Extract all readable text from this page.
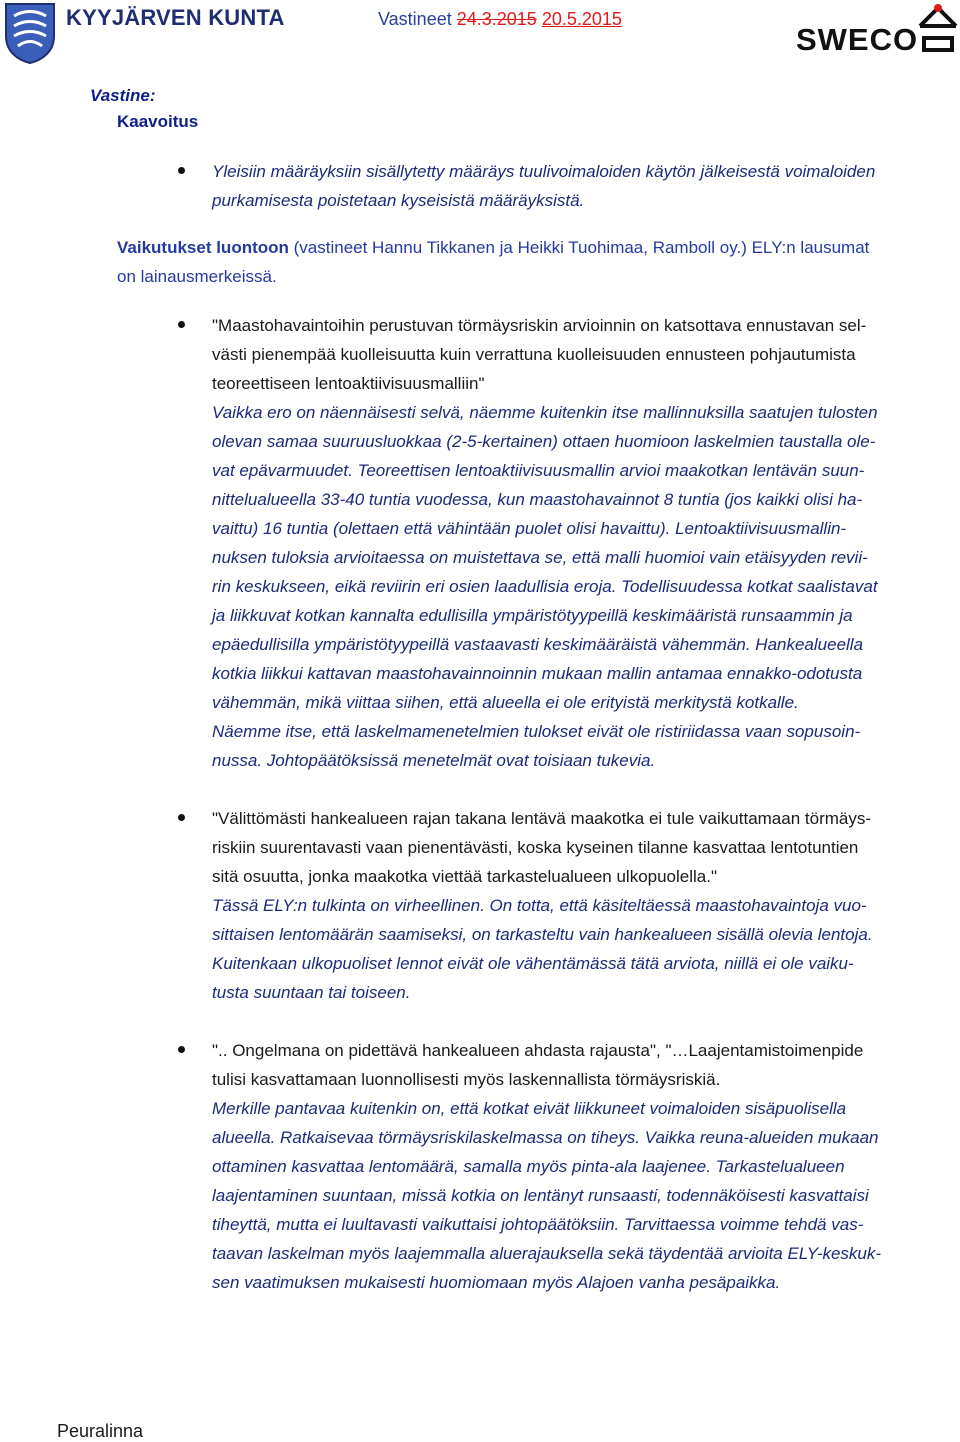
KYYJÄRVEN KUNTA	Vastineet 24.3.2015 20.5.2015
SWECO
Vastine:
Kaavoitus
Yleisiin määräyksiin sisällytetty määräys tuulivoimaloiden käytön jälkeisestä voimaloiden
purkamisesta poistetaan kyseisistä määräyksistä.
Vaikutukset luontoon (vastineet Hannu Tikkanen ja Heikki Tuohimaa, Ramboll oy.) ELY:n lausumat
on lainausmerkeissä.
"Maastohavaintoihin perustuvan törmäysriskin arvioinnin on katsottava ennustavan sel-
västi pienempää kuolleisuutta kuin verrattuna kuolleisuuden ennusteen pohjautumista
teoreettiseen lentoaktiivisuusmalliin"
Vaikka ero on näennäisesti selvä, näemme kuitenkin itse mallinnuksilla saatujen tulosten
olevan samaa suuruusluokkaa (2-5-kertainen) ottaen huomioon laskelmien taustalla ole-
vat epävarmuudet. Teoreettisen lentoaktiivisuusmallin arvioi maakotkan lentävän suun-
nittelualueella 33-40 tuntia vuodessa, kun maastohavainnot 8 tuntia (jos kaikki olisi ha-
vaittu) 16 tuntia (olettaen että vähintään puolet olisi havaittu). Lentoaktiivisuusmallin-
nuksen tuloksia arvioitaessa on muistettava se, että malli huomioi vain etäisyyden revii-
rin keskukseen, eikä reviirin eri osien laadullisia eroja. Todellisuudessa kotkat saalistavat
ja liikkuvat kotkan kannalta edullisilla ympäristötyypeillä keskimääristä runsaammin ja
epäedullisilla ympäristötyypeillä vastaavasti keskimääräistä vähemmän. Hankealueella
kotkia liikkui kattavan maastohavainnoinnin mukaan mallin antamaa ennakko-odotusta
vähemmän, mikä viittaa siihen, että alueella ei ole erityistä merkitystä kotkalle.
Näemme itse, että laskelmamenetelmien tulokset eivät ole ristiriidassa vaan sopusoin-
nussa. Johtopäätöksissä menetelmät ovat toisiaan tukevia.
"Välittömästi hankealueen rajan takana lentävä maakotka ei tule vaikuttamaan törmäys-
riskiin suurentavasti vaan pienentävästi, koska kyseinen tilanne kasvattaa lentotuntien
sitä osuutta, jonka maakotka viettää tarkastelualueen ulkopuolella."
Tässä ELY:n tulkinta on virheellinen. On totta, että käsiteltäessä maastohavaintoja vuo-
sittaisen lentomäärän saamiseksi, on tarkasteltu vain hankealueen sisällä olevia lentoja.
Kuitenkaan ulkopuoliset lennot eivät ole vähentämässä tätä arviota, niillä ei ole vaiku-
tusta suuntaan tai toiseen.
".. Ongelmana on pidettävä hankealueen ahdasta rajausta", "…Laajentamistoimenpide
tulisi kasvattamaan luonnollisesti myös laskennallista törmäysriskiä.
Merkille pantavaa kuitenkin on, että kotkat eivät liikkuneet voimaloiden sisäpuolisella
alueella. Ratkaisevaa törmäysriskilaskelmassa on tiheys. Vaikka reuna-alueiden mukaan
ottaminen kasvattaa lentomäärä, samalla myös pinta-ala laajenee. Tarkastelualueen
laajentaminen suuntaan, missä kotkia on lentänyt runsaasti, todennäköisesti kasvattaisi
tiheyttä, mutta ei luultavasti vaikuttaisi johtopäätöksiin. Tarvittaessa voimme tehdä vas-
taavan laskelman myös laajemmalla aluerajauksella sekä täydentää arvioita ELY-keskuk-
sen vaatimuksen mukaisesti huomiomaan myös Alajoen vanha pesäpaikka.
Peuralinna
